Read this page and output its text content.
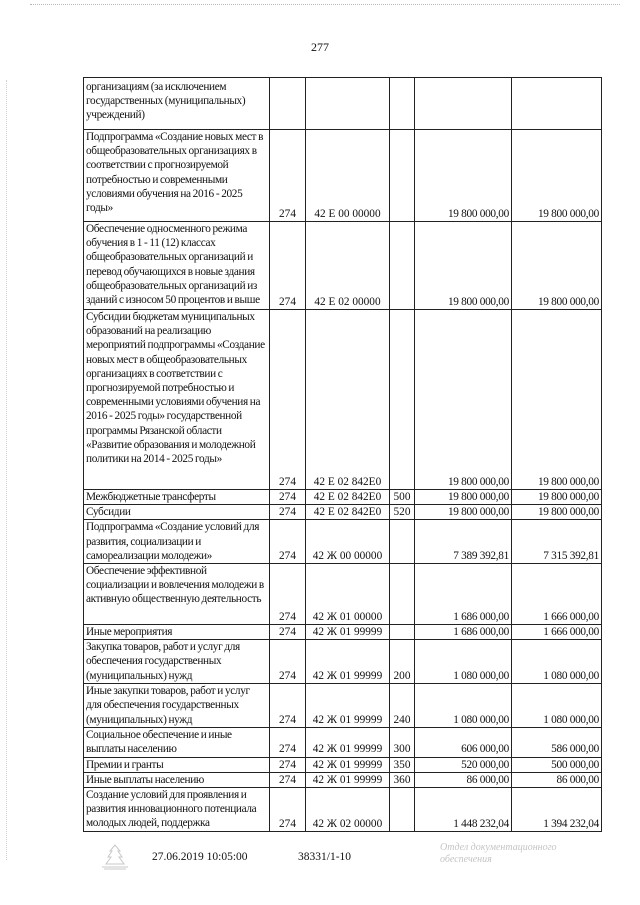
277
организациям (за исключением государственных (муниципальных) учреждений)					
Подпрограмма «Создание новых мест в общеобразовательных организациях в соответствии с прогнозируемой потребностью и современными условиями обучения на 2016 - 2025 годы»	274	42 Е 00 00000		19 800 000,00	19 800 000,00
Обеспечение односменного режима обучения в 1 - 11 (12) классах общеобразовательных организаций и перевод обучающихся в новые здания общеобразовательных организаций из зданий с износом 50 процентов и выше	274	42 Е 02 00000		19 800 000,00	19 800 000,00
Субсидии бюджетам муниципальных образований на реализацию мероприятий подпрограммы «Создание новых мест в общеобразовательных организациях в соответствии с прогнозируемой потребностью и современными условиями обучения на 2016 - 2025 годы» государственной программы Рязанской области «Развитие образования и молодежной политики на 2014 - 2025 годы»	274	42 Е 02 842Е0		19 800 000,00	19 800 000,00
Межбюджетные трансферты	274	42 Е 02 842Е0	500	19 800 000,00	19 800 000,00
Субсидии	274	42 Е 02 842Е0	520	19 800 000,00	19 800 000,00
Подпрограмма «Создание условий для развития, социализации и самореализации молодежи»	274	42 Ж 00 00000		7 389 392,81	7 315 392,81
Обеспечение эффективной социализации и вовлечения молодежи в активную общественную деятельность	274	42 Ж 01 00000		1 686 000,00	1 666 000,00
Иные мероприятия	274	42 Ж 01 99999		1 686 000,00	1 666 000,00
Закупка товаров, работ и услуг для обеспечения государственных (муниципальных) нужд	274	42 Ж 01 99999	200	1 080 000,00	1 080 000,00
Иные закупки товаров, работ и услуг для обеспечения государственных (муниципальных) нужд	274	42 Ж 01 99999	240	1 080 000,00	1 080 000,00
Социальное обеспечение и иные выплаты населению	274	42 Ж 01 99999	300	606 000,00	586 000,00
Премии и гранты	274	42 Ж 01 99999	350	520 000,00	500 000,00
Иные выплаты населению	274	42 Ж 01 99999	360	86 000,00	86 000,00
Создание условий для проявления и развития инновационного потенциала молодых людей, поддержка	274	42 Ж 02 00000		1 448 232,04	1 394 232,04
27.06.2019 10:05:00	38331/1-10
Отдел документационного обеспечения
